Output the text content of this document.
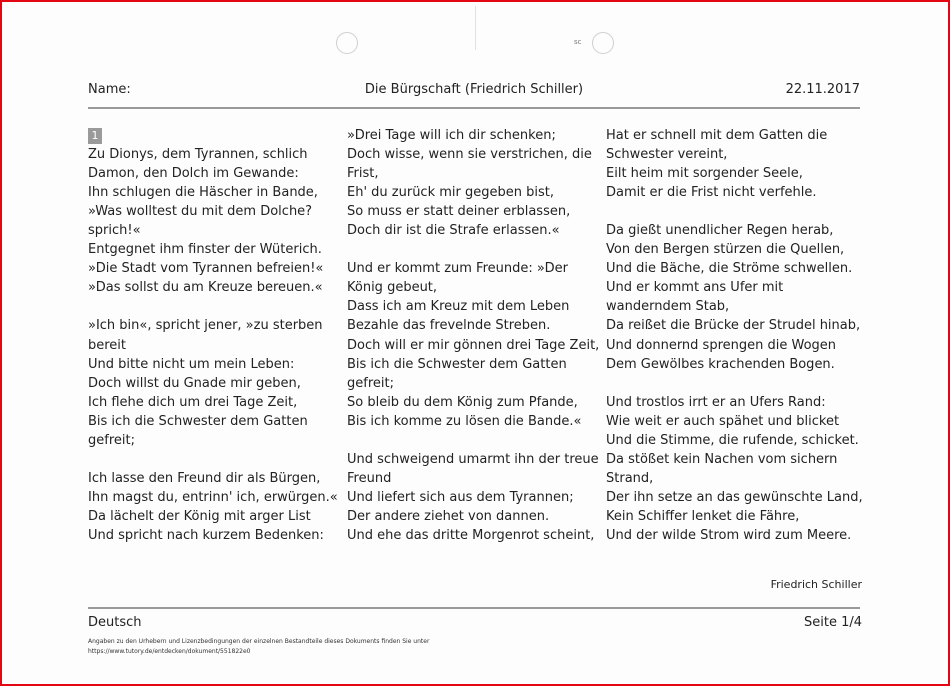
sc
Name:	Die Bürgschaft (Friedrich Schiller)	22.11.2017
1
Zu Dionys, dem Tyrannen, schlich
Damon, den Dolch im Gewande:
Ihn schlugen die Häscher in Bande,
»Was wolltest du mit dem Dolche?
sprich!«
Entgegnet ihm finster der Wüterich.
»Die Stadt vom Tyrannen befreien!«
»Das sollst du am Kreuze bereuen.«
»Ich bin«, spricht jener, »zu sterben
bereit
Und bitte nicht um mein Leben:
Doch willst du Gnade mir geben,
Ich flehe dich um drei Tage Zeit,
Bis ich die Schwester dem Gatten
gefreit;
Ich lasse den Freund dir als Bürgen,
Ihn magst du, entrinn' ich, erwürgen.«
Da lächelt der König mit arger List
Und spricht nach kurzem Bedenken:
»Drei Tage will ich dir schenken;
Doch wisse, wenn sie verstrichen, die
Frist,
Eh' du zurück mir gegeben bist,
So muss er statt deiner erblassen,
Doch dir ist die Strafe erlassen.«
Und er kommt zum Freunde: »Der
König gebeut,
Dass ich am Kreuz mit dem Leben
Bezahle das frevelnde Streben.
Doch will er mir gönnen drei Tage Zeit,
Bis ich die Schwester dem Gatten
gefreit;
So bleib du dem König zum Pfande,
Bis ich komme zu lösen die Bande.«
Und schweigend umarmt ihn der treue
Freund
Und liefert sich aus dem Tyrannen;
Der andere ziehet von dannen.
Und ehe das dritte Morgenrot scheint,
Hat er schnell mit dem Gatten die
Schwester vereint,
Eilt heim mit sorgender Seele,
Damit er die Frist nicht verfehle.
Da gießt unendlicher Regen herab,
Von den Bergen stürzen die Quellen,
Und die Bäche, die Ströme schwellen.
Und er kommt ans Ufer mit
wanderndem Stab,
Da reißet die Brücke der Strudel hinab,
Und donnernd sprengen die Wogen
Dem Gewölbes krachenden Bogen.
Und trostlos irrt er an Ufers Rand:
Wie weit er auch spähet und blicket
Und die Stimme, die rufende, schicket.
Da stößet kein Nachen vom sichern
Strand,
Der ihn setze an das gewünschte Land,
Kein Schiffer lenket die Fähre,
Und der wilde Strom wird zum Meere.
Friedrich Schiller
Deutsch	Seite 1/4
Angaben zu den Urhebern und Lizenzbedingungen der einzelnen Bestandteile dieses Dokuments finden Sie unter
https://www.tutory.de/entdecken/dokument/551822e0
